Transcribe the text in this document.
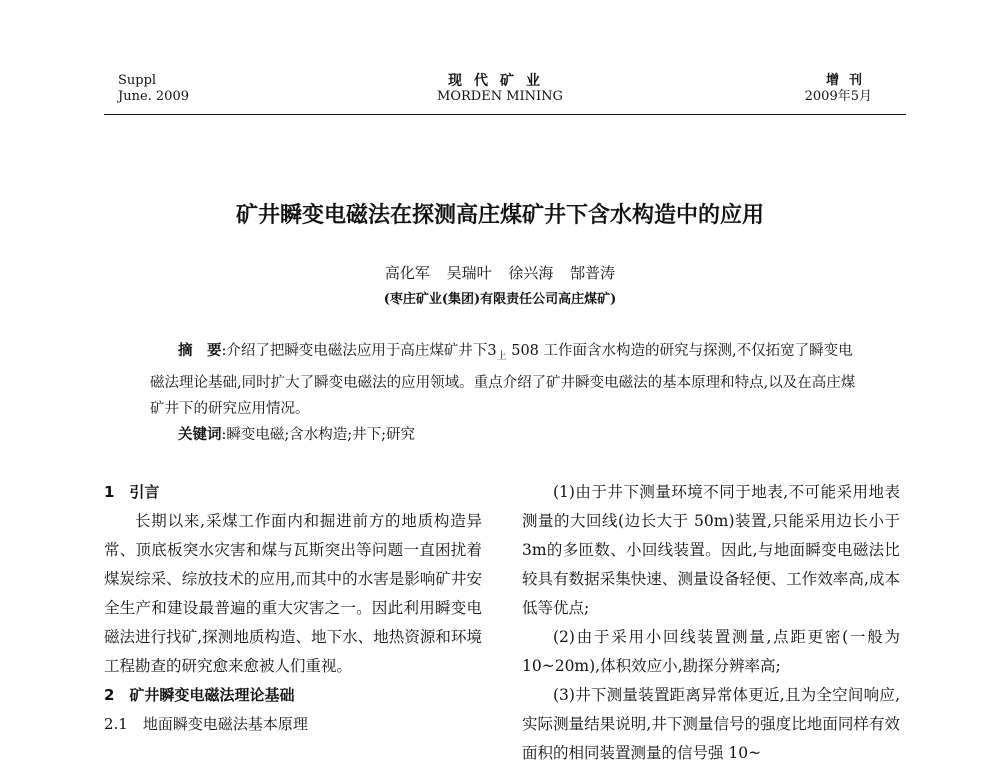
Suppl
June. 2009
现代矿业
MORDEN MINING
增刊
2009年5月
矿井瞬变电磁法在探测高庄煤矿井下含水构造中的应用
高化军 吴瑞叶 徐兴海 郜普涛
(枣庄矿业(集团)有限责任公司高庄煤矿)

摘　要:介绍了把瞬变电磁法应用于高庄煤矿井下$3_上$ 508 工作面含水构造的研究与探测,不仅拓宽了瞬变电磁法理论基础,同时扩大了瞬变电磁法的应用领域。重点介绍了矿井瞬变电磁法的基本原理和特点,以及在高庄煤矿井下的研究应用情况。

关键词:瞬变电磁;含水构造;井下;研究

1　引言

长期以来,采煤工作面内和掘进前方的地质构造异常、顶底板突水灾害和煤与瓦斯突出等问题一直困扰着煤炭综采、综放技术的应用,而其中的水害是影响矿井安全生产和建设最普遍的重大灾害之一。因此利用瞬变电磁法进行找矿,探测地质构造、地下水、地热资源和环境工程勘查的研究愈来愈被人们重视。

2　矿井瞬变电磁法理论基础

2.1　地面瞬变电磁法基本原理

(1)由于井下测量环境不同于地表,不可能采用地表测量的大回线(边长大于 50m)装置,只能采用边长小于3m的多匝数、小回线装置。因此,与地面瞬变电磁法比较具有数据采集快速、测量设备轻便、工作效率高,成本低等优点;

(2)由于采用小回线装置测量,点距更密(一般为 10~20m),体积效应小,勘探分辨率高;

(3)井下测量装置距离异常体更近,且为全空间响应,实际测量结果说明,井下测量信号的强度比地面同样有效面积的相同装置测量的信号强 10~
